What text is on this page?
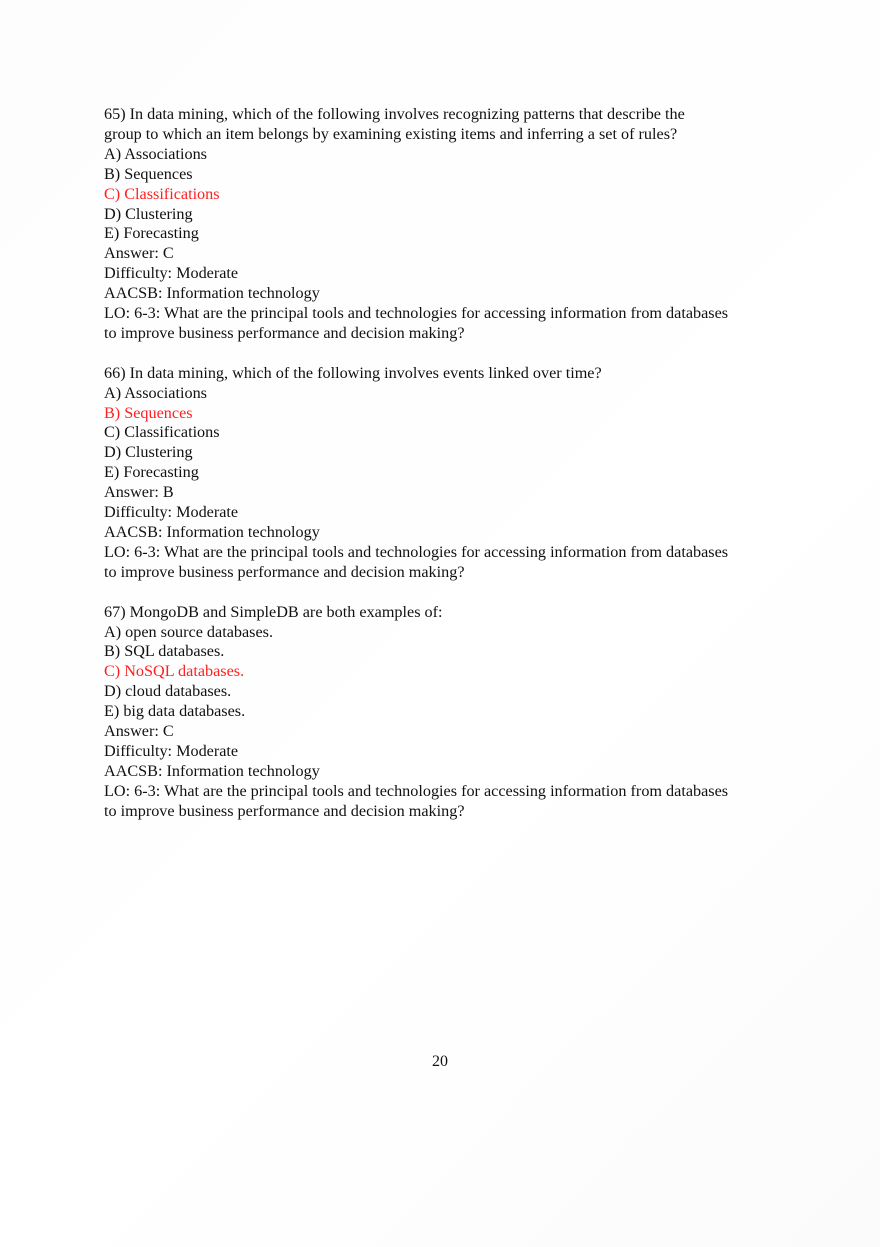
65) In data mining, which of the following involves recognizing patterns that describe the
group to which an item belongs by examining existing items and inferring a set of rules?
A) Associations
B) Sequences
C) Classifications
D) Clustering
E) Forecasting
Answer: C
Difficulty: Moderate
AACSB: Information technology
LO: 6-3: What are the principal tools and technologies for accessing information from databases
to improve business performance and decision making?
66) In data mining, which of the following involves events linked over time?
A) Associations
B) Sequences
C) Classifications
D) Clustering
E) Forecasting
Answer: B
Difficulty: Moderate
AACSB: Information technology
LO: 6-3: What are the principal tools and technologies for accessing information from databases
to improve business performance and decision making?
67) MongoDB and SimpleDB are both examples of:
A) open source databases.
B) SQL databases.
C) NoSQL databases.
D) cloud databases.
E) big data databases.
Answer: C
Difficulty: Moderate
AACSB: Information technology
LO: 6-3: What are the principal tools and technologies for accessing information from databases
to improve business performance and decision making?
20
